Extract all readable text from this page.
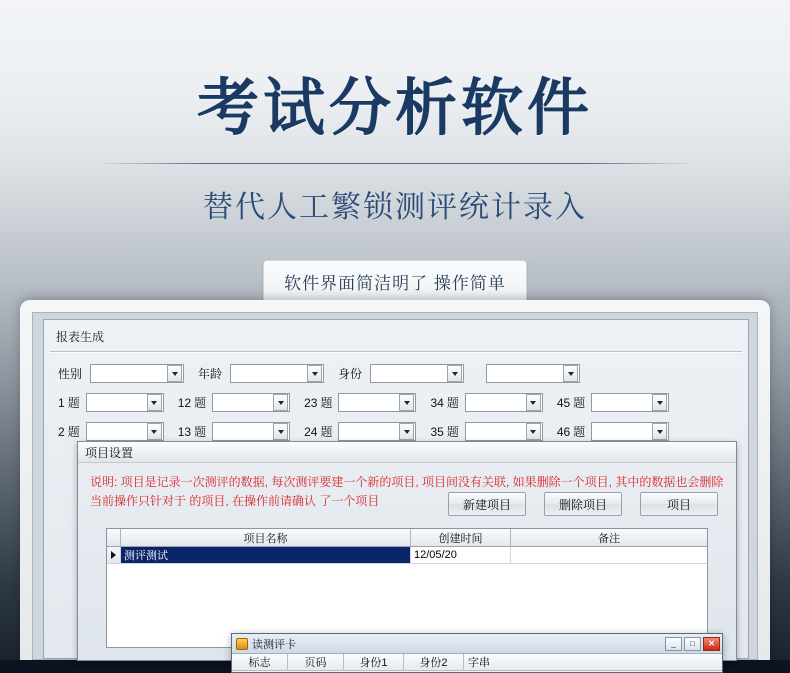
考试分析软件

替代人工繁锁测评统计录入

软件界面简洁明了 操作简单
报表生成
性别	年龄	身份
1 题	12 题	23 题	34 题	45 题
2 题	13 题	24 题	35 题	46 题
项目设置
说明: 项目是记录一次测评的数据, 每次测评要建一个新的项目, 项目间没有关联, 如果删除一个项目, 其中的数据也会删除
当前操作只针对于 的项目, 在操作前请确认 了一个项目	新建项目	删除项目	项目
项目名称	创建时间	备注
测评测试	12/05/20
读测评卡	_	□	✕
标志	页码	身份1	身份2	字串
